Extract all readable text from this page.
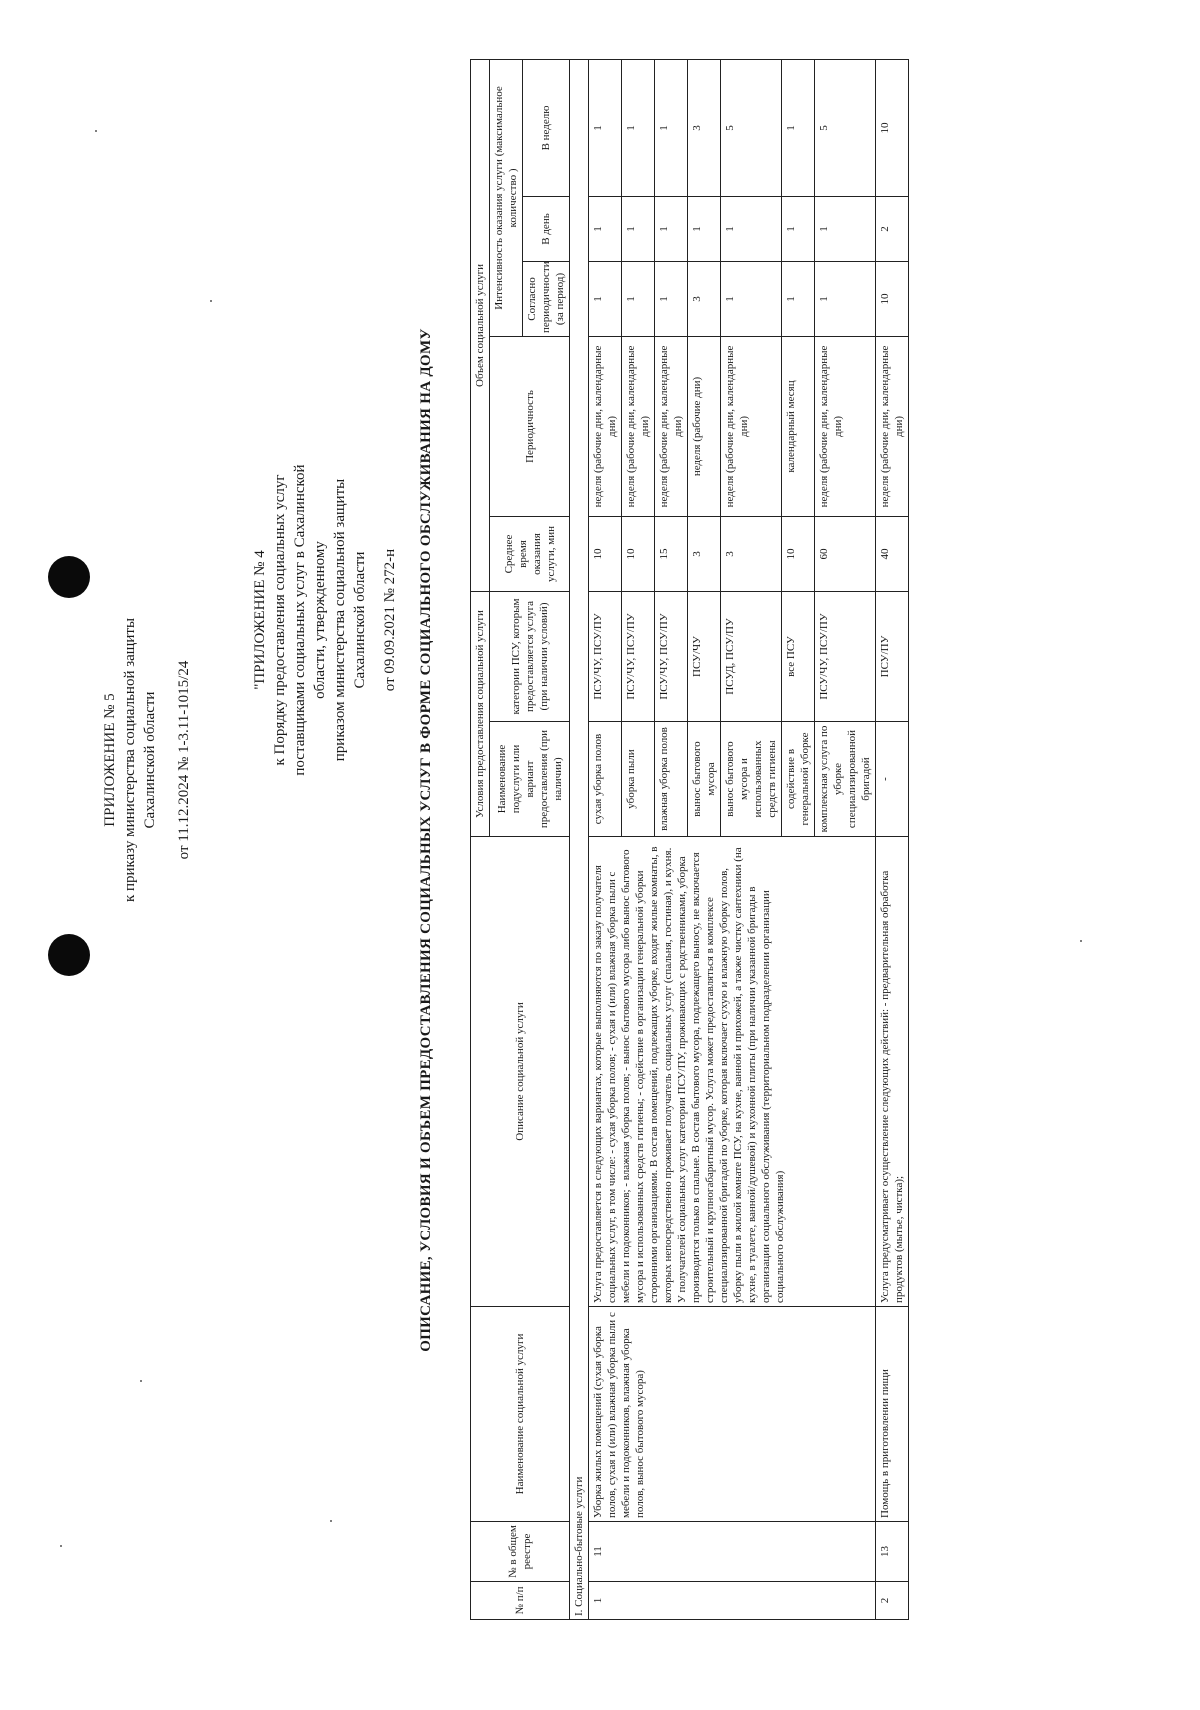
ПРИЛОЖЕНИЕ № 5 к приказу министерства социальной защиты Сахалинской области от 11.12.2024 № 1-3.11-1015/24
"ПРИЛОЖЕНИЕ № 4 к Порядку предоставления социальных услуг поставщиками социальных услуг в Сахалинской области, утвержденному приказом министерства социальной защиты Сахалинской области от 09.09.2021 № 272-н ОПИСАНИЕ, УСЛОВИЯ И ОБЪЕМ ПРЕДОСТАВЛЕНИЯ СОЦИАЛЬНЫХ УСЛУГ В ФОРМЕ СОЦИАЛЬНОГО ОБСЛУЖИВАНИЯ НА ДОМУ
№ п/п	№ в общем реестре	Наименование социальной услуги	Описание социальной услуги	Условия предоставления социальной услуги		Объем социальной услуги				
				Наименование подуслуги или вариант предоставления (при наличии)	категории ПСУ, которым предоставляется услуга (при наличии условий)	Среднее время оказания услуги, мин	Периодичность	Интенсивность оказания услуги (максимальное количество )		
								Согласно периодичности (за период)	В день	В неделю
I. Социально-бытовые услуги										
1	11	Уборка жилых помещений (сухая уборка полов, сухая и (или) влажная уборка пыли с мебели и подоконников, влажная уборка полов, вынос бытового мусора)	Услуга предоставляется в следующих вариантах, которые выполняются по заказу получателя социальных услуг, в том числе: - сухая уборка полов; - сухая и (или) влажная уборка пыли с мебели и подоконников; - влажная уборка полов; - вынос бытового мусора либо вынос бытового мусора и использованных средств гигиены; - содействие в организации генеральной уборки сторонними организациями. В состав помещений, подлежащих уборке, входят жилые комнаты, в которых непосредственно проживает получатель социальных услуг (спальня, гостиная), и кухня. У получателей социальных услуг категории ПСУ/ПУ, проживающих с родственниками, уборка производится только в спальне. В состав бытового мусора, подлежащего выносу, не включается строительный и крупногабаритный мусор. Услуга может предоставляться в комплексе специализированной бригадой по уборке, которая включает сухую и влажную уборку полов, уборку пыли в жилой комнате ПСУ, на кухне, ванной и прихожей, а также чистку сантехники (на кухне, в туалете, ванной/душевой) и кухонной плиты (при наличии указанной бригады в организации социального обслуживания (территориальном подразделении организации социального обслуживания)	сухая уборка полов	ПСУ/ЧУ, ПСУ/ПУ	10	неделя (рабочие дни, календарные дни)	1	1	1
				уборка пыли	ПСУ/ЧУ, ПСУ/ПУ	10	неделя (рабочие дни, календарные дни)	1	1	1
				влажная уборка полов	ПСУ/ЧУ, ПСУ/ПУ	15	неделя (рабочие дни, календарные дни)	1	1	1
				вынос бытового мусора	ПСУ/ЧУ	3	неделя (рабочие дни)	3	1	3
				вынос бытового мусора и использованных средств гигиены	ПСУД, ПСУ/ПУ	3	неделя (рабочие дни, календарные дни)	1	1	5
				содействие в генеральной уборке	все ПСУ	10	календарный месяц	1	1	1
				комплексная услуга по уборке специализированной бригадой	ПСУ/ЧУ, ПСУ/ПУ	60	неделя (рабочие дни, календарные дни)	1	1	5
2	13	Помощь в приготовлении пищи	Услуга предусматривает осуществление следующих действий: - предварительная обработка продуктов (мытье, чистка);	-	ПСУ/ПУ	40	неделя (рабочие дни, календарные дни)	10	2	10
